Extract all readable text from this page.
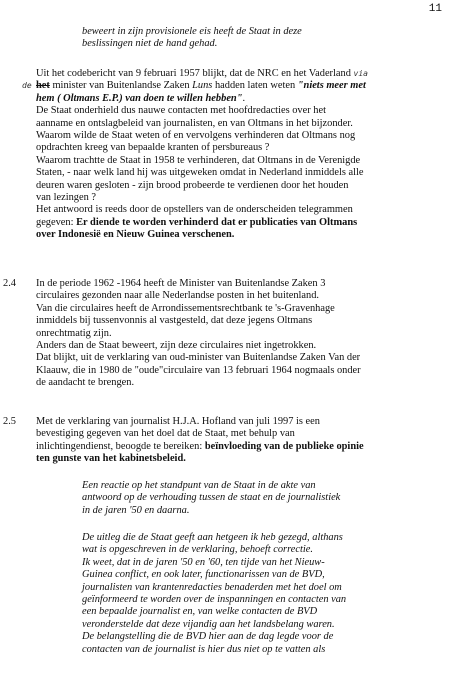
11
beweert in zijn provisionele eis heeft de Staat in deze
beslissingen niet de hand gehad.
Uit het codebericht van 9 februari 1957 blijkt, dat de NRC en het Vaderland via
de het minister van Buitenlandse Zaken Luns hadden laten weten "niets meer met
hem ( Oltmans E.P.) van doen te willen hebben".
De Staat onderhield dus nauwe contacten met hoofdredacties over het
aanname en ontslagbeleid van journalisten, en van Oltmans in het bijzonder.
Waarom wilde de Staat weten of en vervolgens verhinderen dat Oltmans nog
opdrachten kreeg van bepaalde kranten of persbureaus ?
Waarom trachtte de Staat in 1958 te verhinderen, dat Oltmans in de Verenigde
Staten, - naar welk land hij was uitgeweken omdat in Nederland inmiddels alle
deuren waren gesloten - zijn brood probeerde te verdienen door het houden
van lezingen ?
Het antwoord is reeds door de opstellers van de onderscheiden telegrammen
gegeven: Er diende te worden verhinderd dat er publicaties van Oltmans
over Indonesië en Nieuw Guinea verschenen.
2.4 In de periode 1962 -1964 heeft de Minister van Buitenlandse Zaken 3
circulaires gezonden naar alle Nederlandse posten in het buitenland.
Van die circulaires heeft de Arrondissementsrechtbank te 's-Gravenhage
inmiddels bij tussenvonnis al vastgesteld, dat deze jegens Oltmans
onrechtmatig zijn.
Anders dan de Staat beweert, zijn deze circulaires niet ingetrokken.
Dat blijkt, uit de verklaring van oud-minister van Buitenlandse Zaken Van der
Klaauw, die in 1980 de "oude"circulaire van 13 februari 1964 nogmaals onder
de aandacht te brengen.
2.5 Met de verklaring van journalist H.J.A. Hofland van juli 1997 is een
bevestiging gegeven van het doel dat de Staat, met behulp van
inlichtingendienst, beoogde te bereiken: beïnvloeding van de publieke opinie
ten gunste van het kabinetsbeleid.
Een reactie op het standpunt van de Staat in de akte van
antwoord op de verhouding tussen de staat en de journalistiek
in de jaren '50 en daarna.
De uitleg die de Staat geeft aan hetgeen ik heb gezegd, althans
wat is opgeschreven in de verklaring, behoeft correctie.
Ik weet, dat in de jaren '50 en '60, ten tijde van het Nieuw-
Guinea conflict, en ook later, functionarissen van de BVD,
journalisten van krantenredacties benaderden met het doel om
geïnformeerd te worden over de inspanningen en contacten van
een bepaalde journalist en, van welke contacten de BVD
veronderstelde dat deze vijandig aan het landsbelang waren.
De belangstelling die de BVD hier aan de dag legde voor de
contacten van de journalist is hier dus niet op te vatten als
